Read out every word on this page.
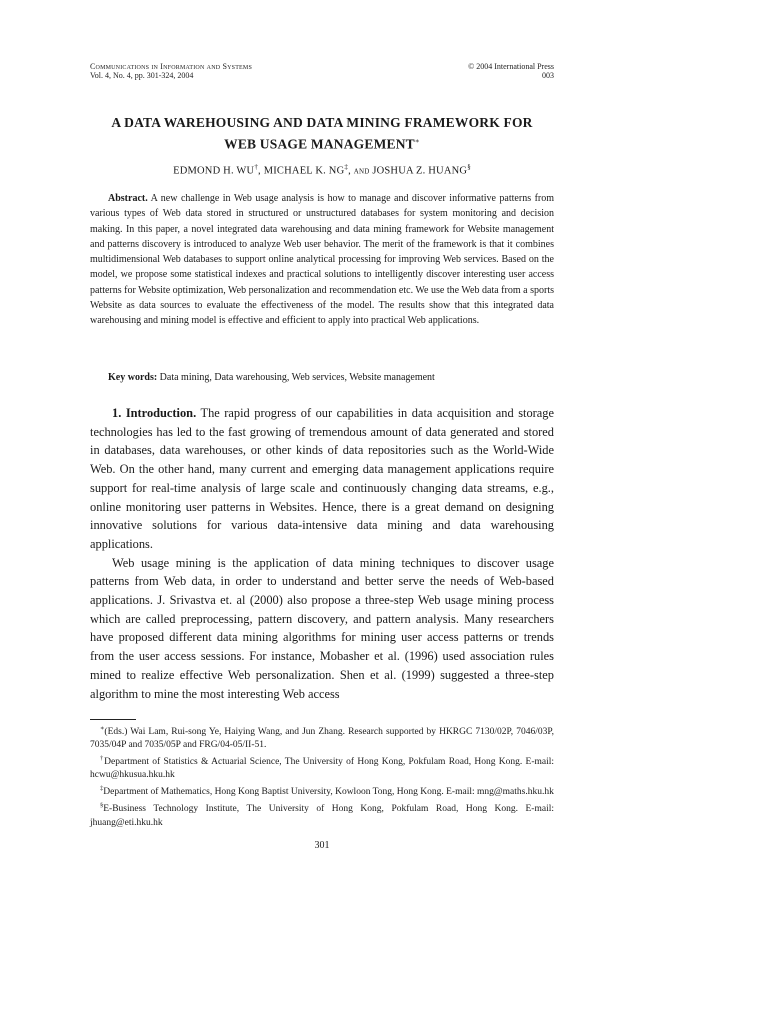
Communications in Information and Systems
Vol. 4, No. 4, pp. 301-324, 2004
© 2004 International Press
003
A DATA WAREHOUSING AND DATA MINING FRAMEWORK FOR
WEB USAGE MANAGEMENT∗
EDMOND H. WU†, MICHAEL K. NG‡, and JOSHUA Z. HUANG§
Abstract. A new challenge in Web usage analysis is how to manage and discover informative patterns from various types of Web data stored in structured or unstructured databases for system monitoring and decision making. In this paper, a novel integrated data warehousing and data mining framework for Website management and patterns discovery is introduced to analyze Web user behavior. The merit of the framework is that it combines multidimensional Web databases to support online analytical processing for improving Web services. Based on the model, we propose some statistical indexes and practical solutions to intelligently discover interesting user access patterns for Website optimization, Web personalization and recommendation etc. We use the Web data from a sports Website as data sources to evaluate the effectiveness of the model. The results show that this integrated data warehousing and mining model is effective and efficient to apply into practical Web applications.
Key words: Data mining, Data warehousing, Web services, Website management

1. Introduction. The rapid progress of our capabilities in data acquisition and storage technologies has led to the fast growing of tremendous amount of data generated and stored in databases, data warehouses, or other kinds of data repositories such as the World-Wide Web. On the other hand, many current and emerging data management applications require support for real-time analysis of large scale and continuously changing data streams, e.g., online monitoring user patterns in Websites. Hence, there is a great demand on designing innovative solutions for various data-intensive data mining and data warehousing applications.

Web usage mining is the application of data mining techniques to discover usage patterns from Web data, in order to understand and better serve the needs of Web-based applications. J. Srivastva et. al (2000) also propose a three-step Web usage mining process which are called preprocessing, pattern discovery, and pattern analysis. Many researchers have proposed different data mining algorithms for mining user access patterns or trends from the user access sessions. For instance, Mobasher et al. (1996) used association rules mined to realize effective Web personalization. Shen et al. (1999) suggested a three-step algorithm to mine the most interesting Web access

∗(Eds.) Wai Lam, Rui-song Ye, Haiying Wang, and Jun Zhang. Research supported by HKRGC 7130/02P, 7046/03P, 7035/04P and 7035/05P and FRG/04-05/II-51.

†Department of Statistics & Actuarial Science, The University of Hong Kong, Pokfulam Road, Hong Kong. E-mail: hcwu@hkusua.hku.hk

‡Department of Mathematics, Hong Kong Baptist University, Kowloon Tong, Hong Kong. E-mail: mng@maths.hku.hk

§E-Business Technology Institute, The University of Hong Kong, Pokfulam Road, Hong Kong. E-mail: jhuang@eti.hku.hk

301
